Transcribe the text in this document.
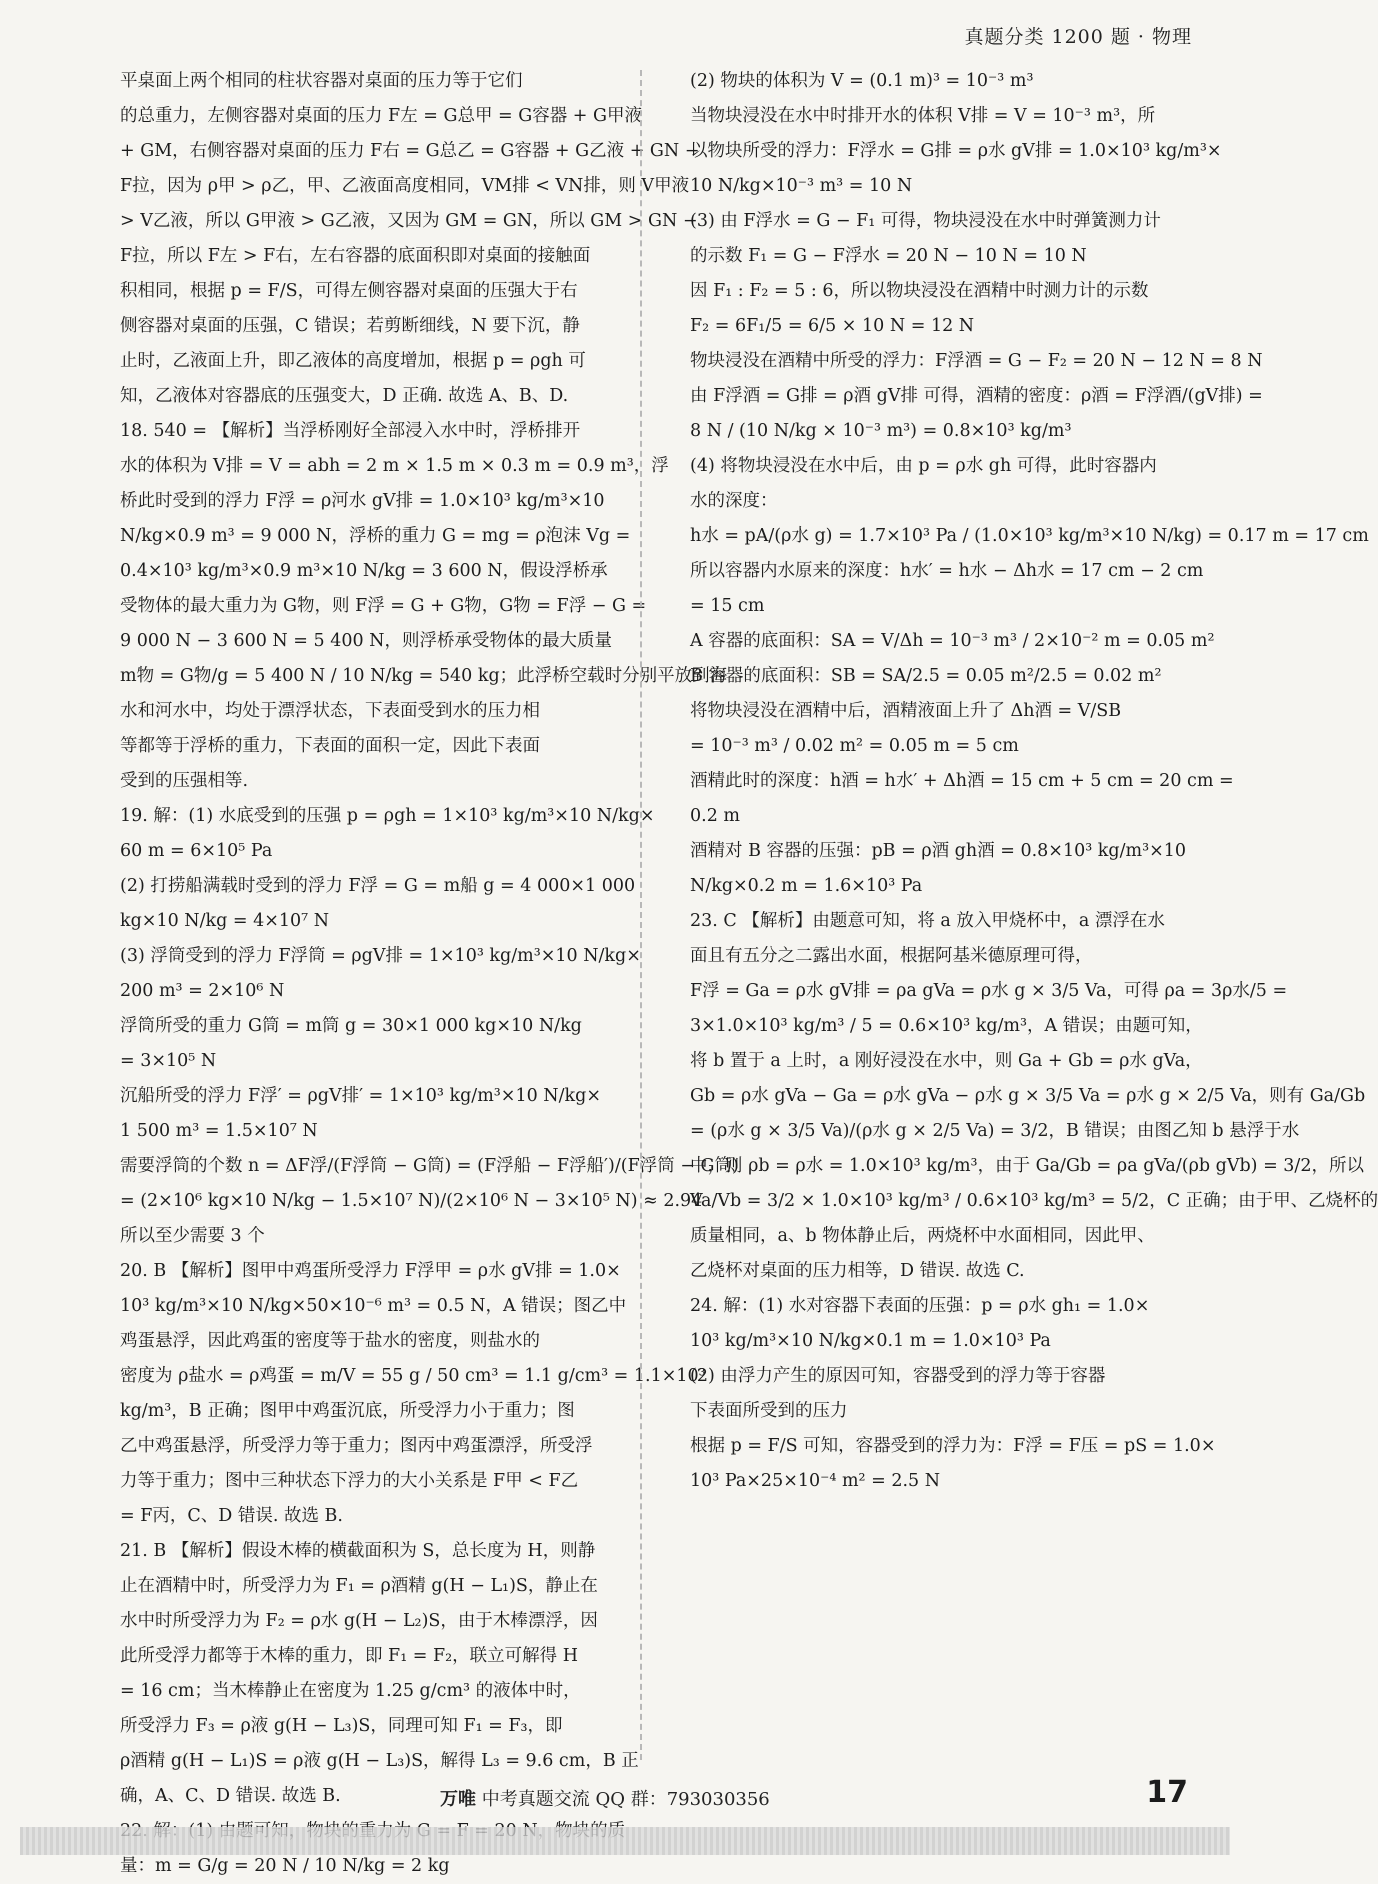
真题分类 1200 题 · 物理
平桌面上两个相同的柱状容器对桌面的压力等于它们
的总重力，左侧容器对桌面的压力 F左 = G总甲 = G容器 + G甲液
+ GM，右侧容器对桌面的压力 F右 = G总乙 = G容器 + G乙液 + GN −
F拉，因为 ρ甲 > ρ乙，甲、乙液面高度相同，VM排 < VN排，则 V甲液
> V乙液，所以 G甲液 > G乙液，又因为 GM = GN，所以 GM > GN −
F拉，所以 F左 > F右，左右容器的底面积即对桌面的接触面
积相同，根据 p = F/S，可得左侧容器对桌面的压强大于右
侧容器对桌面的压强，C 错误；若剪断细线，N 要下沉，静
止时，乙液面上升，即乙液体的高度增加，根据 p = ρgh 可
知，乙液体对容器底的压强变大，D 正确. 故选 A、B、D.
18. 540 = 【解析】当浮桥刚好全部浸入水中时，浮桥排开
水的体积为 V排 = V = abh = 2 m × 1.5 m × 0.3 m = 0.9 m³，浮
桥此时受到的浮力 F浮 = ρ河水 gV排 = 1.0×10³ kg/m³×10
N/kg×0.9 m³ = 9 000 N，浮桥的重力 G = mg = ρ泡沫 Vg =
0.4×10³ kg/m³×0.9 m³×10 N/kg = 3 600 N，假设浮桥承
受物体的最大重力为 G物，则 F浮 = G + G物，G物 = F浮 − G =
9 000 N − 3 600 N = 5 400 N，则浮桥承受物体的最大质量
m物 = G物/g = 5 400 N / 10 N/kg = 540 kg；此浮桥空载时分别平放到海
水和河水中，均处于漂浮状态，下表面受到水的压力相
等都等于浮桥的重力，下表面的面积一定，因此下表面
受到的压强相等.
19. 解：(1) 水底受到的压强 p = ρgh = 1×10³ kg/m³×10 N/kg×
60 m = 6×10⁵ Pa
(2) 打捞船满载时受到的浮力 F浮 = G = m船 g = 4 000×1 000
kg×10 N/kg = 4×10⁷ N
(3) 浮筒受到的浮力 F浮筒 = ρgV排 = 1×10³ kg/m³×10 N/kg×
200 m³ = 2×10⁶ N
浮筒所受的重力 G筒 = m筒 g = 30×1 000 kg×10 N/kg
= 3×10⁵ N
沉船所受的浮力 F浮′ = ρgV排′ = 1×10³ kg/m³×10 N/kg×
1 500 m³ = 1.5×10⁷ N
需要浮筒的个数 n = ΔF浮/(F浮筒 − G筒) = (F浮船 − F浮船′)/(F浮筒 − G筒)
= (2×10⁶ kg×10 N/kg − 1.5×10⁷ N)/(2×10⁶ N − 3×10⁵ N) ≈ 2.94
所以至少需要 3 个
20. B 【解析】图甲中鸡蛋所受浮力 F浮甲 = ρ水 gV排 = 1.0×
10³ kg/m³×10 N/kg×50×10⁻⁶ m³ = 0.5 N，A 错误；图乙中
鸡蛋悬浮，因此鸡蛋的密度等于盐水的密度，则盐水的
密度为 ρ盐水 = ρ鸡蛋 = m/V = 55 g / 50 cm³ = 1.1 g/cm³ = 1.1×10³
kg/m³，B 正确；图甲中鸡蛋沉底，所受浮力小于重力；图
乙中鸡蛋悬浮，所受浮力等于重力；图丙中鸡蛋漂浮，所受浮
力等于重力；图中三种状态下浮力的大小关系是 F甲 < F乙
= F丙，C、D 错误. 故选 B.
21. B 【解析】假设木棒的横截面积为 S，总长度为 H，则静
止在酒精中时，所受浮力为 F₁ = ρ酒精 g(H − L₁)S，静止在
水中时所受浮力为 F₂ = ρ水 g(H − L₂)S，由于木棒漂浮，因
此所受浮力都等于木棒的重力，即 F₁ = F₂，联立可解得 H
= 16 cm；当木棒静止在密度为 1.25 g/cm³ 的液体中时，
所受浮力 F₃ = ρ液 g(H − L₃)S，同理可知 F₁ = F₃，即
ρ酒精 g(H − L₁)S = ρ液 g(H − L₃)S，解得 L₃ = 9.6 cm，B 正
确，A、C、D 错误. 故选 B.
量：m = G/g = 20 N / 10 N/kg = 2 kg
(2) 物块的体积为 V = (0.1 m)³ = 10⁻³ m³
当物块浸没在水中时排开水的体积 V排 = V = 10⁻³ m³，所
以物块所受的浮力：F浮水 = G排 = ρ水 gV排 = 1.0×10³ kg/m³×
10 N/kg×10⁻³ m³ = 10 N
(3) 由 F浮水 = G − F₁ 可得，物块浸没在水中时弹簧测力计
的示数 F₁ = G − F浮水 = 20 N − 10 N = 10 N
因 F₁ : F₂ = 5 : 6，所以物块浸没在酒精中时测力计的示数
F₂ = 6F₁/5 = 6/5 × 10 N = 12 N
物块浸没在酒精中所受的浮力：F浮酒 = G − F₂ = 20 N − 12 N = 8 N
由 F浮酒 = G排 = ρ酒 gV排 可得，酒精的密度：ρ酒 = F浮酒/(gV排) =
8 N / (10 N/kg × 10⁻³ m³) = 0.8×10³ kg/m³
(4) 将物块浸没在水中后，由 p = ρ水 gh 可得，此时容器内
水的深度：
h水 = pA/(ρ水 g) = 1.7×10³ Pa / (1.0×10³ kg/m³×10 N/kg) = 0.17 m = 17 cm
所以容器内水原来的深度：h水′ = h水 − Δh水 = 17 cm − 2 cm
= 15 cm
A 容器的底面积：SA = V/Δh = 10⁻³ m³ / 2×10⁻² m = 0.05 m²
B 容器的底面积：SB = SA/2.5 = 0.05 m²/2.5 = 0.02 m²
将物块浸没在酒精中后，酒精液面上升了 Δh酒 = V/SB
= 10⁻³ m³ / 0.02 m² = 0.05 m = 5 cm
酒精此时的深度：h酒 = h水′ + Δh酒 = 15 cm + 5 cm = 20 cm =
0.2 m
酒精对 B 容器的压强：pB = ρ酒 gh酒 = 0.8×10³ kg/m³×10
N/kg×0.2 m = 1.6×10³ Pa
23. C 【解析】由题意可知，将 a 放入甲烧杯中，a 漂浮在水
面且有五分之二露出水面，根据阿基米德原理可得，
F浮 = Ga = ρ水 gV排 = ρa gVa = ρ水 g × 3/5 Va，可得 ρa = 3ρ水/5 =
3×1.0×10³ kg/m³ / 5 = 0.6×10³ kg/m³，A 错误；由题可知，
将 b 置于 a 上时，a 刚好浸没在水中，则 Ga + Gb = ρ水 gVa，
Gb = ρ水 gVa − Ga = ρ水 gVa − ρ水 g × 3/5 Va = ρ水 g × 2/5 Va，则有 Ga/Gb
= (ρ水 g × 3/5 Va)/(ρ水 g × 2/5 Va) = 3/2，B 错误；由图乙知 b 悬浮于水
中，则 ρb = ρ水 = 1.0×10³ kg/m³，由于 Ga/Gb = ρa gVa/(ρb gVb) = 3/2，所以
Va/Vb = 3/2 × 1.0×10³ kg/m³ / 0.6×10³ kg/m³ = 5/2，C 正确；由于甲、乙烧杯的
质量相同，a、b 物体静止后，两烧杯中水面相同，因此甲、
乙烧杯对桌面的压力相等，D 错误. 故选 C.
24. 解：(1) 水对容器下表面的压强：p = ρ水 gh₁ = 1.0×
10³ kg/m³×10 N/kg×0.1 m = 1.0×10³ Pa
(2) 由浮力产生的原因可知，容器受到的浮力等于容器
下表面所受到的压力
根据 p = F/S 可知，容器受到的浮力为：F浮 = F压 = pS = 1.0×
10³ Pa×25×10⁻⁴ m² = 2.5 N
万唯 中考真题交流 QQ 群：793030356	17
